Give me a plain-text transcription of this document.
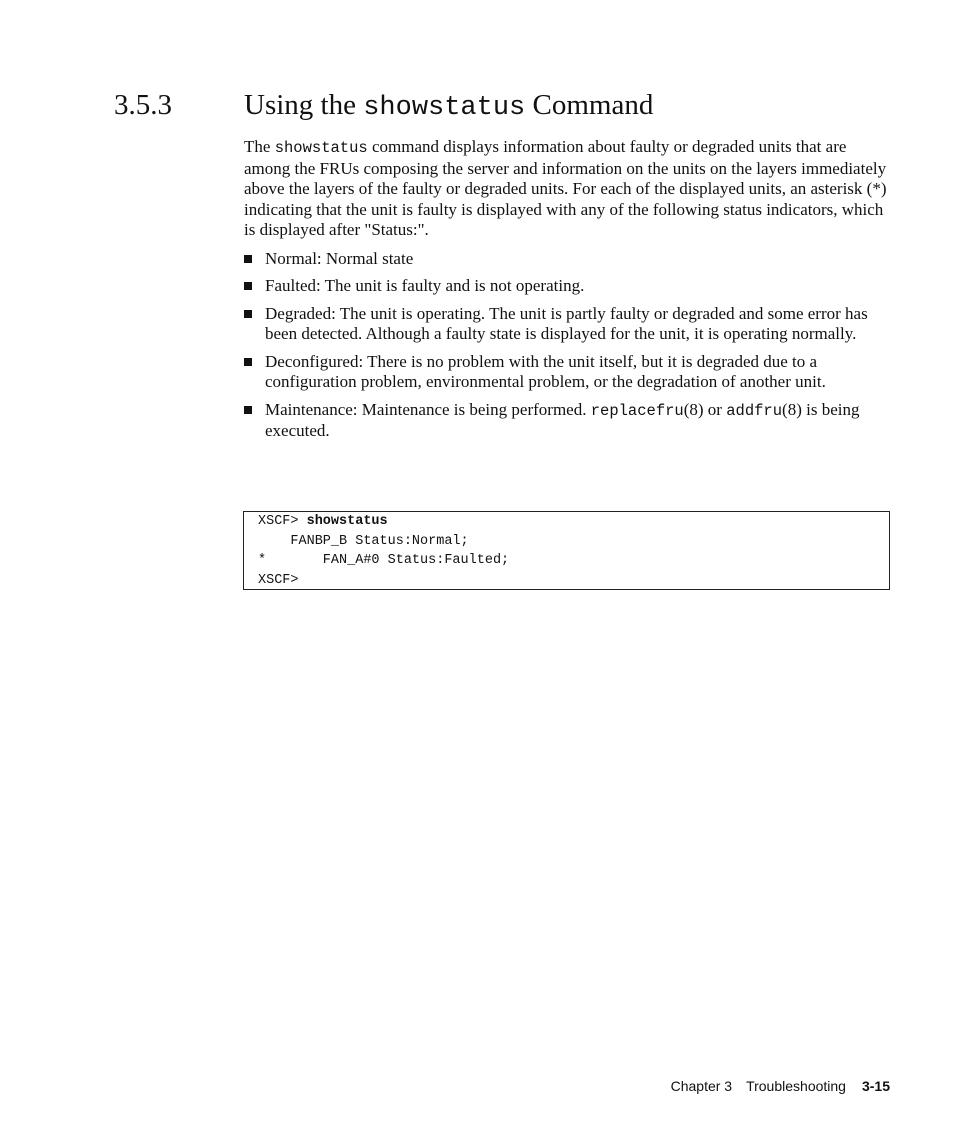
3.5.3 Using the showstatus Command

The showstatus command displays information about faulty or degraded units that are among the FRUs composing the server and information on the units on the layers immediately above the layers of the faulty or degraded units. For each of the displayed units, an asterisk (*) indicating that the unit is faulty is displayed with any of the following status indicators, which is displayed after "Status:".

Normal: Normal state
Faulted: The unit is faulty and is not operating.
Degraded: The unit is operating. The unit is partly faulty or degraded and some error has been detected. Although a faulty state is displayed for the unit, it is operating normally.
Deconfigured: There is no problem with the unit itself, but it is degraded due to a configuration problem, environmental problem, or the degradation of another unit.
Maintenance: Maintenance is being performed. replacefru(8) or addfru(8) is being executed.
XSCF> showstatus
FANBP_B Status:Normal;
*       FAN_A#0 Status:Faulted;
XSCF>
Chapter 3 Troubleshooting 3-15
